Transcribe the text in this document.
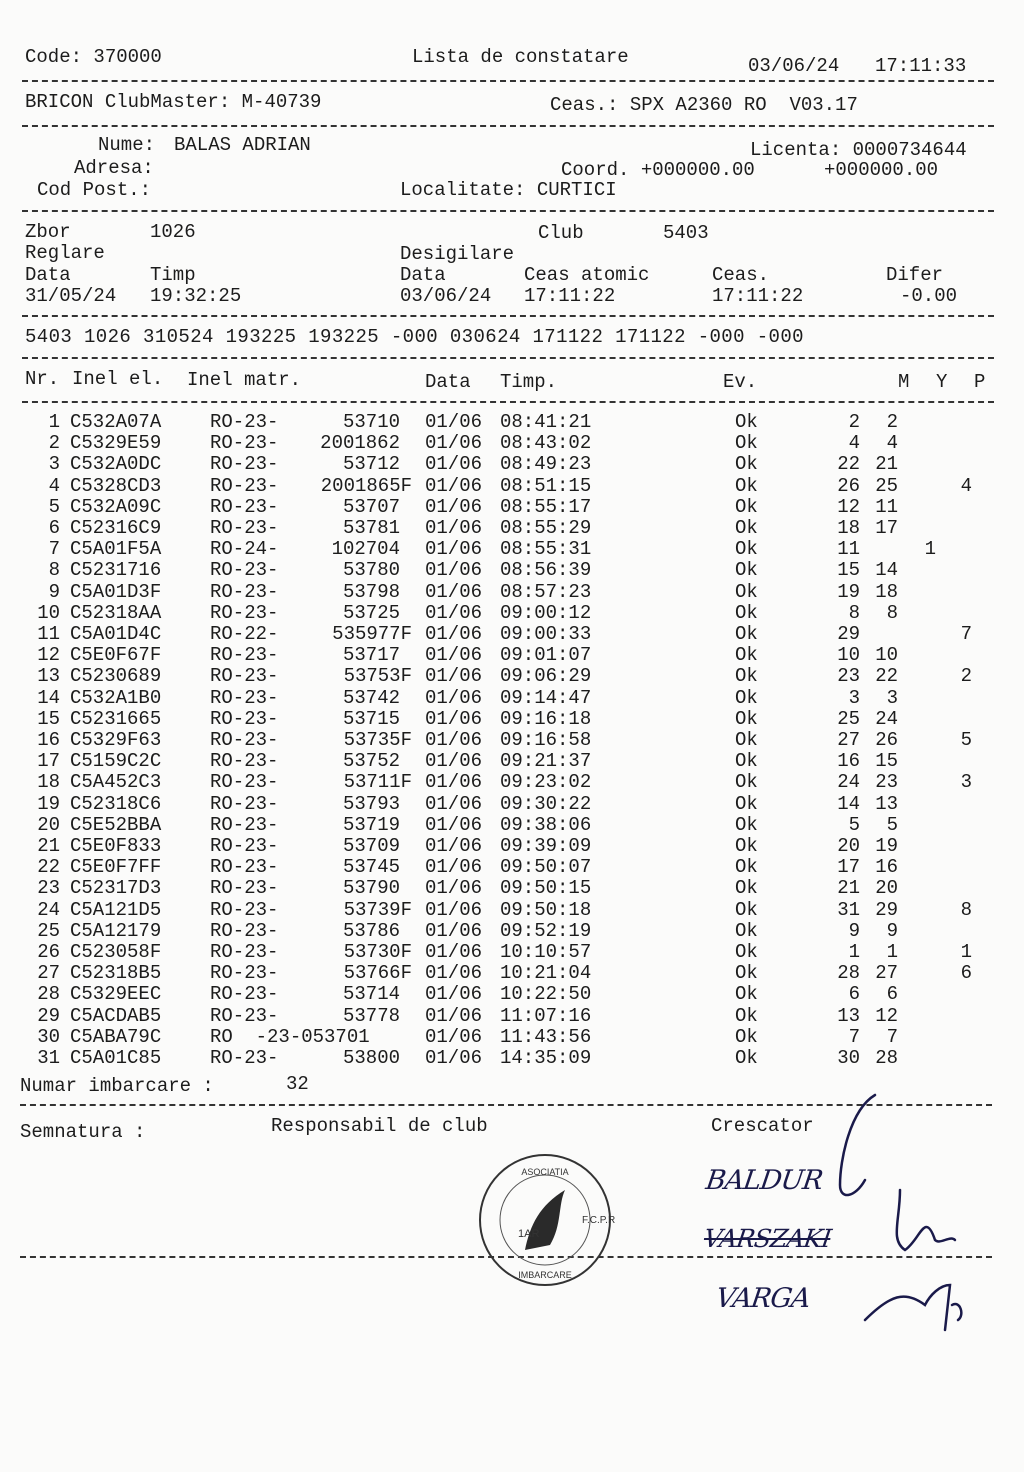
Code: 370000	Lista de constatare	03/06/24 17:11:33
BRICON ClubMaster: M-40739	Ceas.: SPX A2360 RO  V03.17
Nume: BALAS ADRIAN	Licenta: 0000734644
Adresa:	Coord. +000000.00	+000000.00
Cod Post.:	Localitate: CURTICI
Zbor	1026	Club	5403
Reglare	Desigilare
Data	Timp	Data	Ceas atomic	Ceas.	Difer
31/05/24 19:32:25	03/06/24 17:11:22	17:11:22	-0.00
5403 1026 310524 193225 193225 -000 030624 171122 171122 -000 -000
Nr. Inel el. Inel matr.	Data Timp.	Ev.	M Y P
1 C532A07A	RO-23-	53710 01/06 08:41:21	Ok	2 2
2 C5329E59	RO-23- 2001862 01/06 08:43:02	Ok	4 4
3 C532A0DC	RO-23-	53712 01/06 08:49:23	Ok	22 21
4 C5328CD3	RO-23- 2001865F 01/06 08:51:15	Ok	26 25	4
5 C532A09C	RO-23-	53707 01/06 08:55:17	Ok	12 11
6 C52316C9	RO-23-	53781 01/06 08:55:29	Ok	18 17
7 C5A01F5A	RO-24-	102704 01/06 08:55:31	Ok	11	1
8 C5231716	RO-23-	53780 01/06 08:56:39	Ok	15 14
9 C5A01D3F	RO-23-	53798 01/06 08:57:23	Ok	19 18
10 C52318AA	RO-23-	53725 01/06 09:00:12	Ok	8 8
11 C5A01D4C	RO-22-	535977F 01/06 09:00:33	Ok	29	7
12 C5E0F67F	RO-23-	53717 01/06 09:01:07	Ok	10 10
13 C5230689	RO-23-	53753F 01/06 09:06:29	Ok	23 22	2
14 C532A1B0	RO-23-	53742 01/06 09:14:47	Ok	3 3
15 C5231665	RO-23-	53715 01/06 09:16:18	Ok	25 24
16 C5329F63	RO-23-	53735F 01/06 09:16:58	Ok	27 26	5
17 C5159C2C	RO-23-	53752 01/06 09:21:37	Ok	16 15
18 C5A452C3	RO-23-	53711F 01/06 09:23:02	Ok	24 23	3
19 C52318C6	RO-23-	53793 01/06 09:30:22	Ok	14 13
20 C5E52BBA	RO-23-	53719 01/06 09:38:06	Ok	5 5
21 C5E0F833	RO-23-	53709 01/06 09:39:09	Ok	20 19
22 C5E0F7FF	RO-23-	53745 01/06 09:50:07	Ok	17 16
23 C52317D3	RO-23-	53790 01/06 09:50:15	Ok	21 20
24 C5A121D5	RO-23-	53739F 01/06 09:50:18	Ok	31 29	8
25 C5A12179	RO-23-	53786 01/06 09:52:19	Ok	9 9
26 C523058F	RO-23-	53730F 01/06 10:10:57	Ok	1 1	1
27 C52318B5	RO-23-	53766F 01/06 10:21:04	Ok	28 27	6
28 C5329EEC	RO-23-	53714 01/06 10:22:50	Ok	6 6
29 C5ACDAB5	RO-23-	53778 01/06 11:07:16	Ok	13 12
30 C5ABA79C	RO  -23-053701	01/06 11:43:56	Ok	7 7
31 C5A01C85	RO-23-	53800 01/06 14:35:09	Ok	30 28
Numar imbarcare :	32
Semnatura :	Responsabil de club	Crescator
ASOCIATIA
F.C.P.R
1AR
IMBARCARE
BALDUR
VARSZAKI
VARGA
